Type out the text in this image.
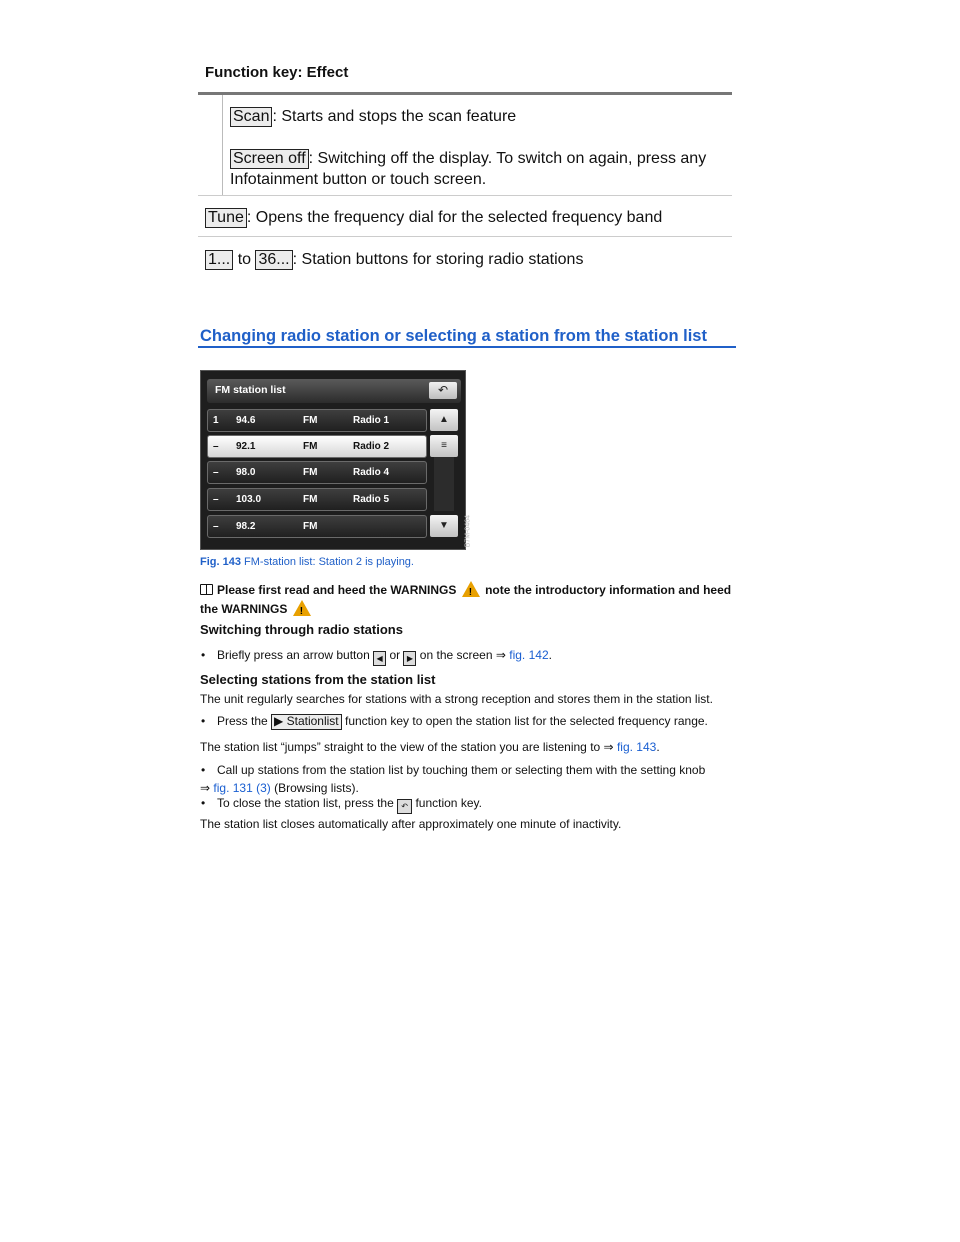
Function key: Effect
Scan : Starts and stops the scan feature
Screen off : Switching off the display. To switch on again, press any
Infotainment button or touch screen.
Tune : Opens the frequency dial for the selected frequency band
1... to 36... : Station buttons for storing radio stations
Changing radio station or selecting a station from the station list
FM station list	↶
1 94.6	FM	Radio 1
– 92.1	FM	Radio 2
– 98.0	FM	Radio 4
– 103.0	FM	Radio 5
– 98.2	FM
▲
≡
▼	B7M-0464
Fig. 143 FM-station list: Station 2 is playing.
Please first read and heed the WARNINGS ! note the introductory information and heed
the WARNINGS !
Switching through radio stations
• Briefly press an arrow button ◀ or ▶ on the screen ⇒ fig. 142.
Selecting stations from the station list
The unit regularly searches for stations with a strong reception and stores them in the station list.
• Press the ▶ Stationlist function key to open the station list for the selected frequency range.
The station list “jumps” straight to the view of the station you are listening to ⇒ fig. 143.
• Call up stations from the station list by touching them or selecting them with the setting knob
⇒ fig. 131 (3) (Browsing lists).
• To close the station list, press the ↶ function key.
The station list closes automatically after approximately one minute of inactivity.
